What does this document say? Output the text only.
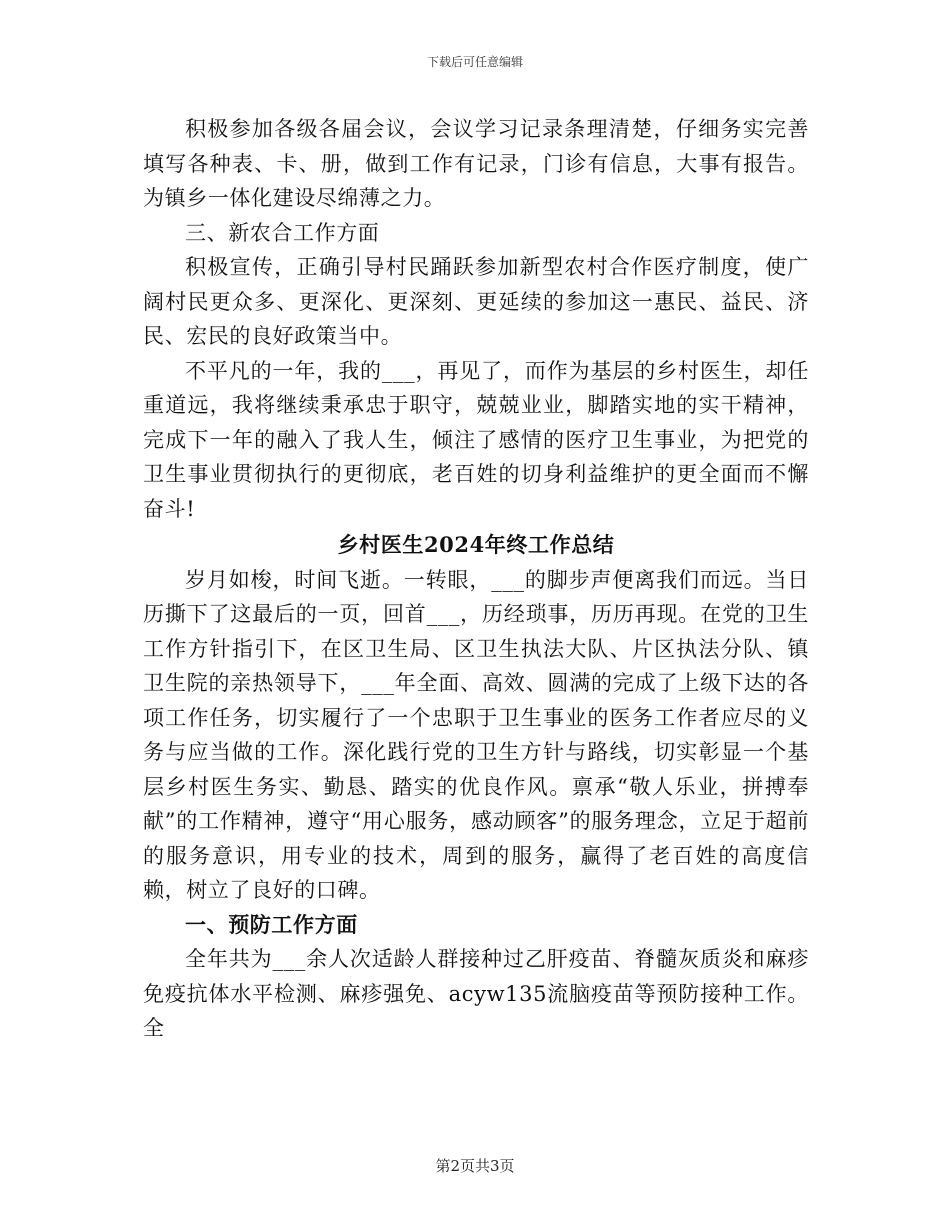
下载后可任意编辑

积极参加各级各届会议，会议学习记录条理清楚，仔细务实完善填写各种表、卡、册，做到工作有记录，门诊有信息，大事有报告。为镇乡一体化建设尽绵薄之力。

三、新农合工作方面

积极宣传，正确引导村民踊跃参加新型农村合作医疗制度，使广阔村民更众多、更深化、更深刻、更延续的参加这一惠民、益民、济民、宏民的良好政策当中。

不平凡的一年，我的___，再见了，而作为基层的乡村医生，却任重道远，我将继续秉承忠于职守，兢兢业业，脚踏实地的实干精神，完成下一年的融入了我人生，倾注了感情的医疗卫生事业，为把党的卫生事业贯彻执行的更彻底，老百姓的切身利益维护的更全面而不懈奋斗!

乡村医生2024年终工作总结

岁月如梭，时间飞逝。一转眼，___的脚步声便离我们而远。当日历撕下了这最后的一页，回首___，历经琐事，历历再现。在党的卫生工作方针指引下，在区卫生局、区卫生执法大队、片区执法分队、镇卫生院的亲热领导下，___年全面、高效、圆满的完成了上级下达的各项工作任务，切实履行了一个忠职于卫生事业的医务工作者应尽的义务与应当做的工作。深化践行党的卫生方针与路线，切实彰显一个基层乡村医生务实、勤恳、踏实的优良作风。禀承“敬人乐业，拼搏奉献”的工作精神，遵守“用心服务，感动顾客”的服务理念，立足于超前的服务意识，用专业的技术，周到的服务，赢得了老百姓的高度信赖，树立了良好的口碑。

一、预防工作方面

全年共为___余人次适龄人群接种过乙肝疫苗、脊髓灰质炎和麻疹免疫抗体水平检测、麻疹强免、acyw135流脑疫苗等预防接种工作。全

第2页共3页
